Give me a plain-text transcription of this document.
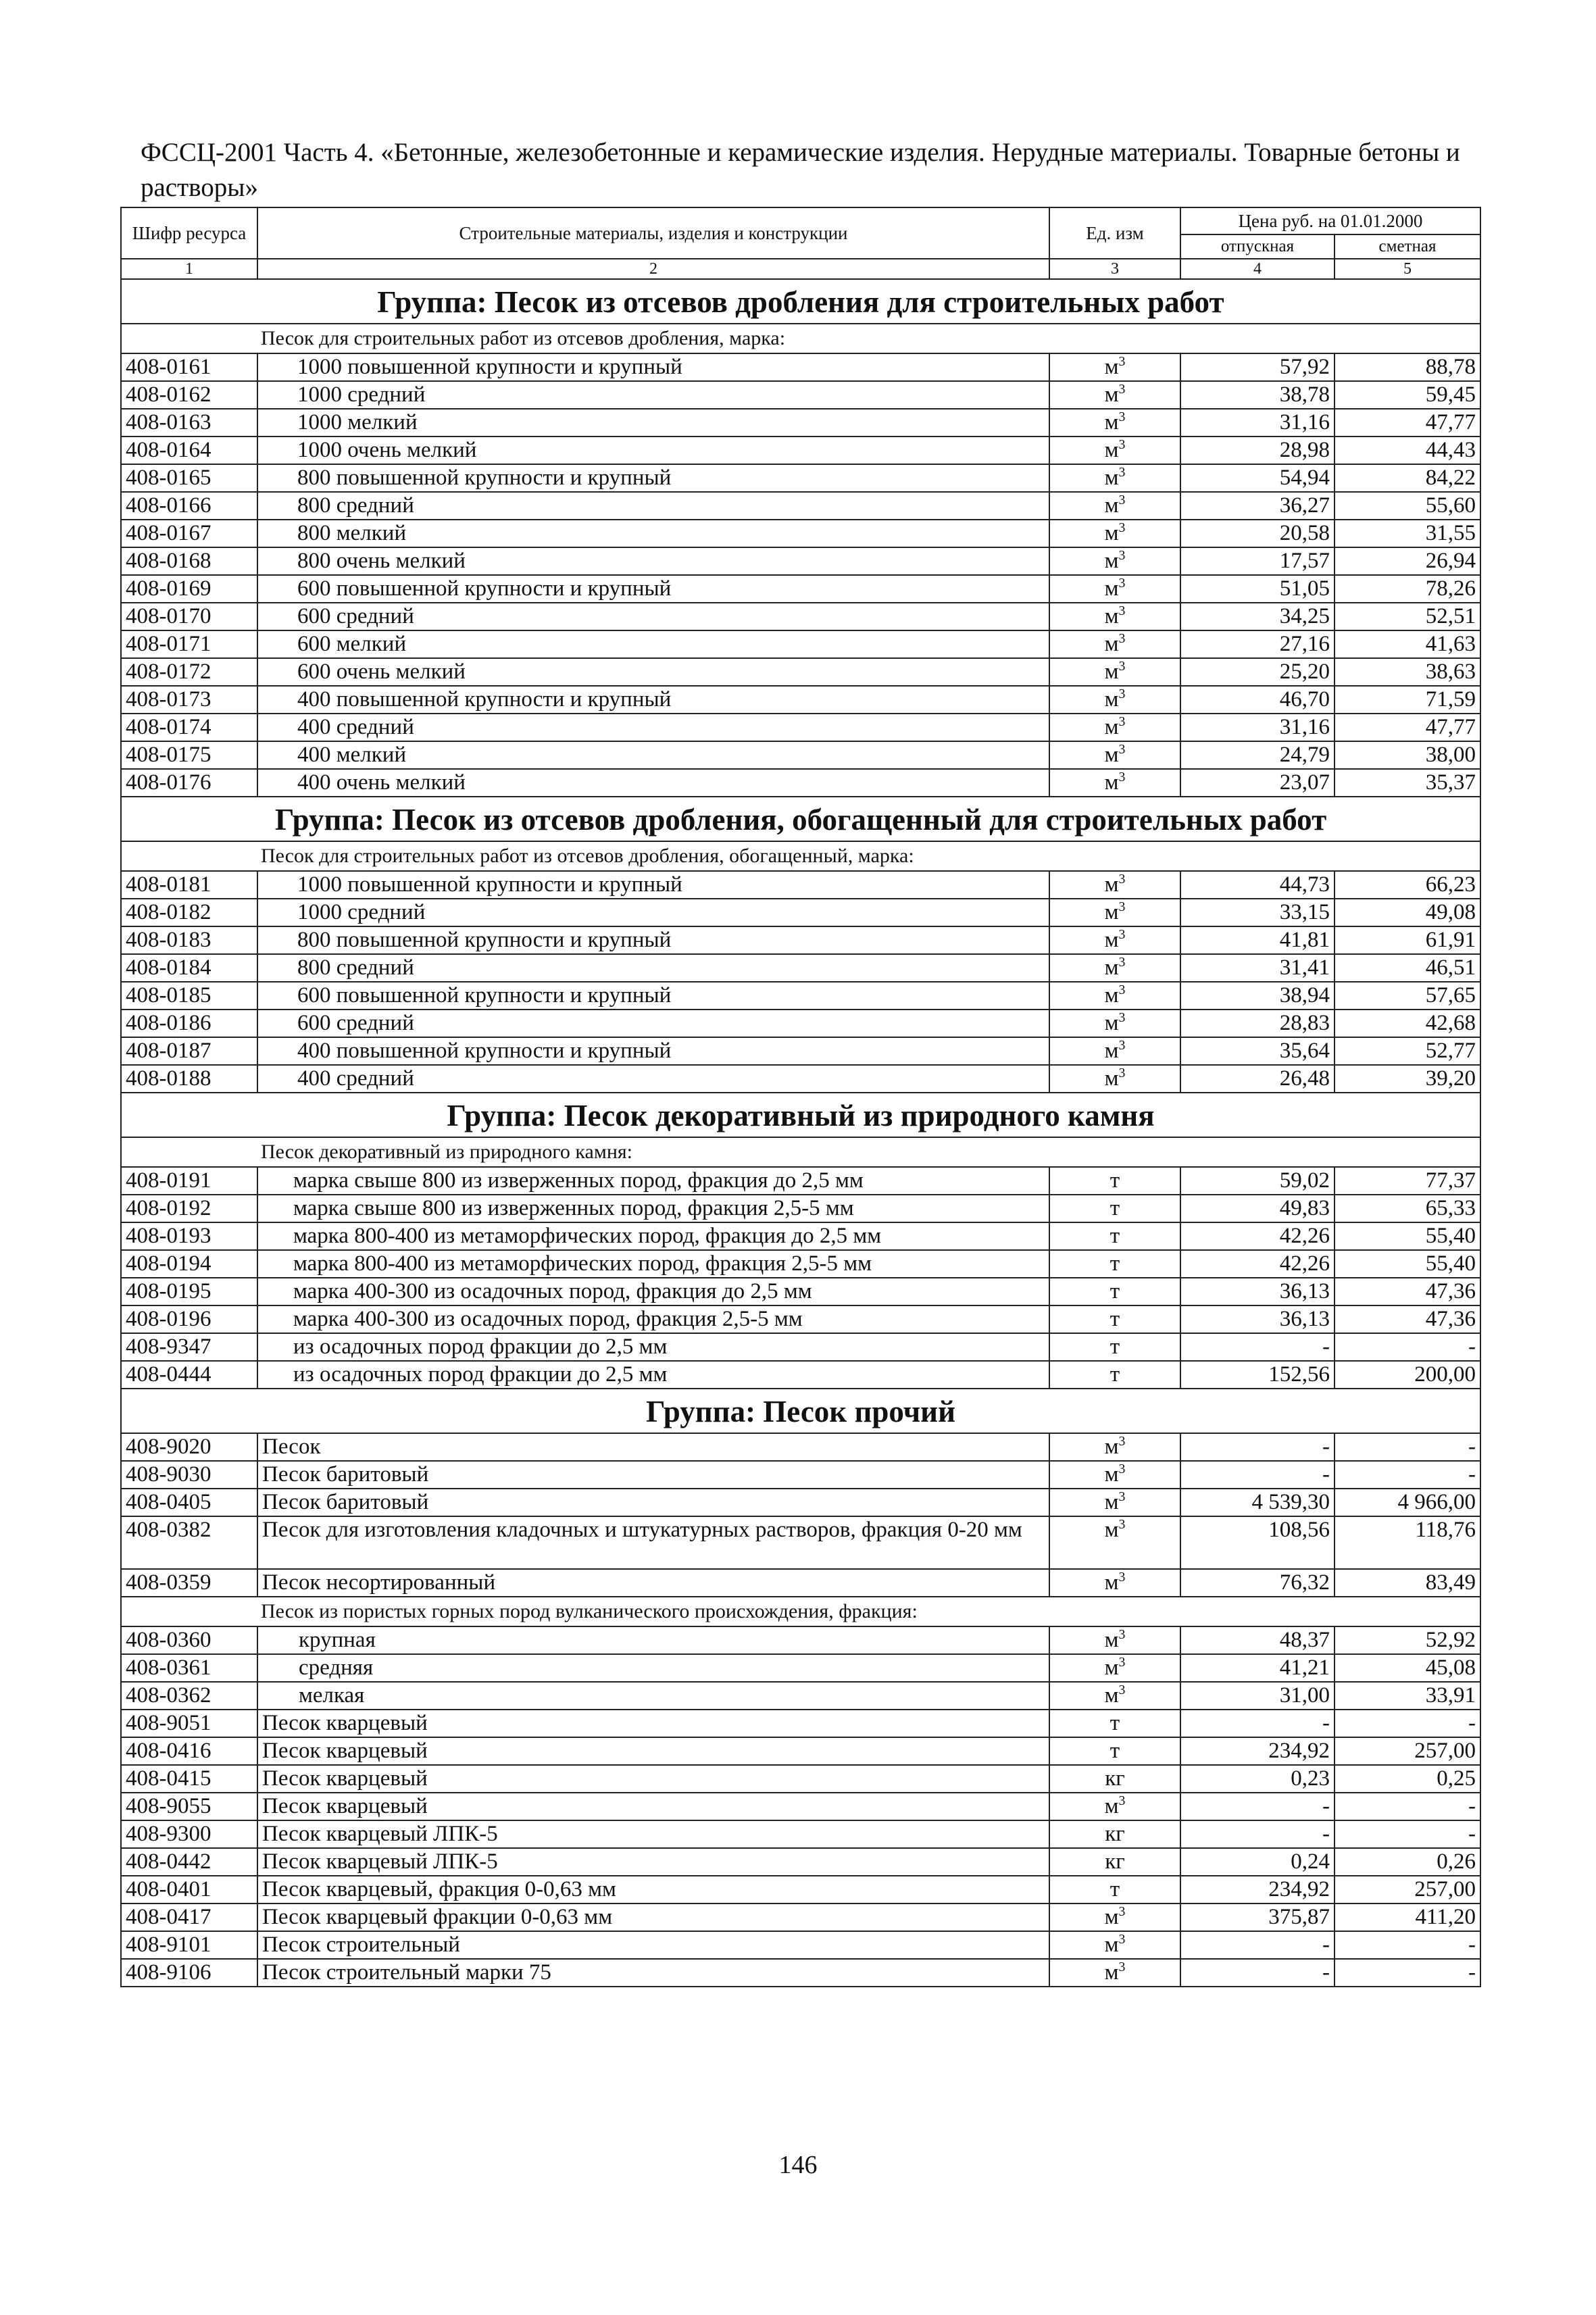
ФССЦ-2001 Часть 4. «Бетонные, железобетонные и керамические изделия. Нерудные материалы. Товарные бетоны и растворы»
Шифр ресурса	Строительные материалы, изделия и конструкции	Ед. изм	Цена руб. на 01.01.2000	
			отпускная	сметная
1	2	3	4	5
Группа: Песок из отсевов дробления для строительных работ				
Песок для строительных работ из отсевов дробления, марка:				
408-0161	1000 повышенной крупности и крупный	$м^3$	57,92	88,78
408-0162	1000 средний	$м^3$	38,78	59,45
408-0163	1000 мелкий	$м^3$	31,16	47,77
408-0164	1000 очень мелкий	$м^3$	28,98	44,43
408-0165	800 повышенной крупности и крупный	$м^3$	54,94	84,22
408-0166	800 средний	$м^3$	36,27	55,60
408-0167	800 мелкий	$м^3$	20,58	31,55
408-0168	800 очень мелкий	$м^3$	17,57	26,94
408-0169	600 повышенной крупности и крупный	$м^3$	51,05	78,26
408-0170	600 средний	$м^3$	34,25	52,51
408-0171	600 мелкий	$м^3$	27,16	41,63
408-0172	600 очень мелкий	$м^3$	25,20	38,63
408-0173	400 повышенной крупности и крупный	$м^3$	46,70	71,59
408-0174	400 средний	$м^3$	31,16	47,77
408-0175	400 мелкий	$м^3$	24,79	38,00
408-0176	400 очень мелкий	$м^3$	23,07	35,37
Группа: Песок из отсевов дробления, обогащенный для строительных работ				
Песок для строительных работ из отсевов дробления, обогащенный, марка:				
408-0181	1000 повышенной крупности и крупный	$м^3$	44,73	66,23
408-0182	1000 средний	$м^3$	33,15	49,08
408-0183	800 повышенной крупности и крупный	$м^3$	41,81	61,91
408-0184	800 средний	$м^3$	31,41	46,51
408-0185	600 повышенной крупности и крупный	$м^3$	38,94	57,65
408-0186	600 средний	$м^3$	28,83	42,68
408-0187	400 повышенной крупности и крупный	$м^3$	35,64	52,77
408-0188	400 средний	$м^3$	26,48	39,20
Группа: Песок декоративный из природного камня				
Песок декоративный из природного камня:				
408-0191	марка свыше 800 из изверженных пород, фракция до 2,5 мм	т	59,02	77,37
408-0192	марка свыше 800 из изверженных пород, фракция 2,5-5 мм	т	49,83	65,33
408-0193	марка 800-400 из метаморфических пород, фракция до 2,5 мм	т	42,26	55,40
408-0194	марка 800-400 из метаморфических пород, фракция 2,5-5 мм	т	42,26	55,40
408-0195	марка 400-300 из осадочных пород, фракция до 2,5 мм	т	36,13	47,36
408-0196	марка 400-300 из осадочных пород, фракция 2,5-5 мм	т	36,13	47,36
408-9347	из осадочных пород фракции до 2,5 мм	т	-	-
408-0444	из осадочных пород фракции до 2,5 мм	т	152,56	200,00
Группа: Песок прочий				
408-9020	Песок	$м^3$	-	-
408-9030	Песок баритовый	$м^3$	-	-
408-0405	Песок баритовый	$м^3$	4 539,30	4 966,00
408-0382	Песок для изготовления кладочных и штукатурных растворов, фракция 0-20 мм	$м^3$	108,56	118,76
408-0359	Песок несортированный	$м^3$	76,32	83,49
Песок из пористых горных пород вулканического происхождения, фракция:				
408-0360	крупная	$м^3$	48,37	52,92
408-0361	средняя	$м^3$	41,21	45,08
408-0362	мелкая	$м^3$	31,00	33,91
408-9051	Песок кварцевый	т	-	-
408-0416	Песок кварцевый	т	234,92	257,00
408-0415	Песок кварцевый	кг	0,23	0,25
408-9055	Песок кварцевый	$м^3$	-	-
408-9300	Песок кварцевый ЛПК-5	кг	-	-
408-0442	Песок кварцевый ЛПК-5	кг	0,24	0,26
408-0401	Песок кварцевый, фракция 0-0,63 мм	т	234,92	257,00
408-0417	Песок кварцевый фракции 0-0,63 мм	$м^3$	375,87	411,20
408-9101	Песок строительный	$м^3$	-	-
408-9106	Песок строительный марки 75	$м^3$	-	-
146
